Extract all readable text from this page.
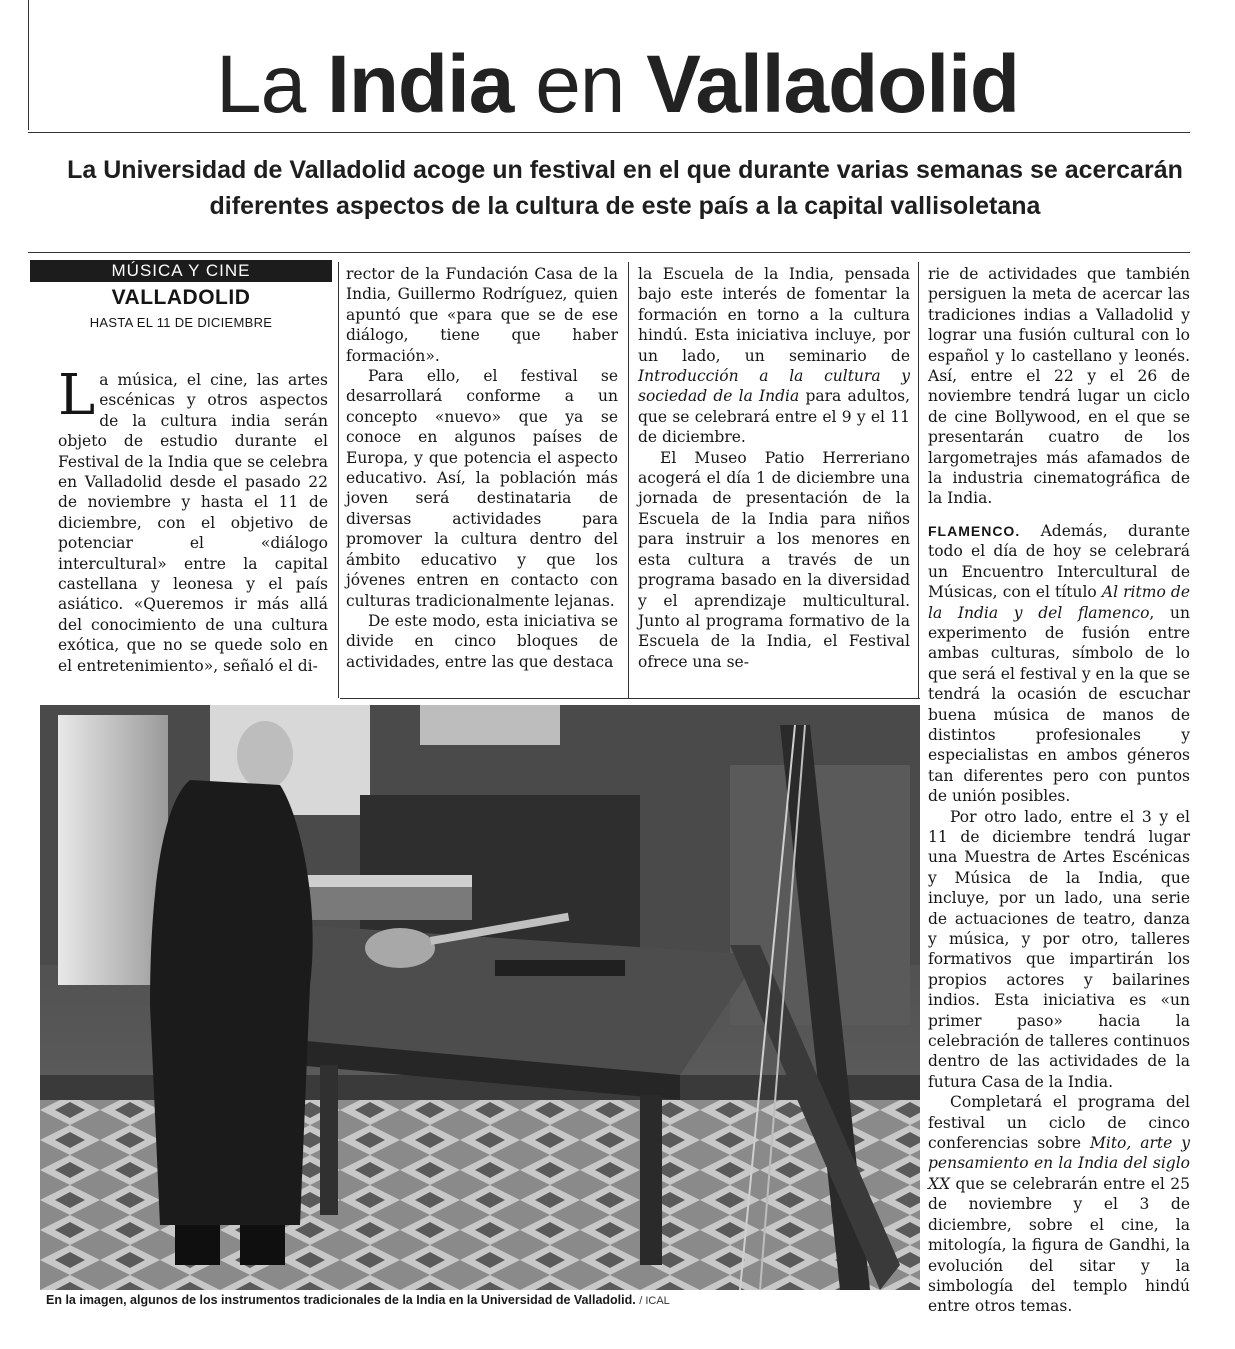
La India en Valladolid
La Universidad de Valladolid acoge un festival en el que durante varias semanas se acercarán diferentes aspectos de la cultura de este país a la capital vallisoletana
MÚSICA Y CINE
VALLADOLID
HASTA EL 11 DE DICIEMBRE

La música, el cine, las artes escénicas y otros aspectos de la cultura india serán objeto de estudio durante el Festival de la India que se celebra en Valladolid desde el pasado 22 de noviembre y hasta el 11 de diciembre, con el objetivo de potenciar el «diálogo intercultural» entre la capital castellana y leonesa y el país asiático. «Queremos ir más allá del conocimiento de una cultura exótica, que no se quede solo en el entretenimiento», señaló el di-

rector de la Fundación Casa de la India, Guillermo Rodríguez, quien apuntó que «para que se de ese diálogo, tiene que haber formación».

Para ello, el festival se desarrollará conforme a un concepto «nuevo» que ya se conoce en algunos países de Europa, y que potencia el aspecto educativo. Así, la población más joven será destinataria de diversas actividades para promover la cultura dentro del ámbito educativo y que los jóvenes entren en contacto con culturas tradicionalmente lejanas.

De este modo, esta iniciativa se divide en cinco bloques de actividades, entre las que destaca

la Escuela de la India, pensada bajo este interés de fomentar la formación en torno a la cultura hindú. Esta iniciativa incluye, por un lado, un seminario de Introducción a la cultura y sociedad de la India para adultos, que se celebrará entre el 9 y el 11 de diciembre.

El Museo Patio Herreriano acogerá el día 1 de diciembre una jornada de presentación de la Escuela de la India para niños para instruir a los menores en esta cultura a través de un programa basado en la diversidad y el aprendizaje multicultural. Junto al programa formativo de la Escuela de la India, el Festival ofrece una se-

rie de actividades que también persiguen la meta de acercar las tradiciones indias a Valladolid y lograr una fusión cultural con lo español y lo castellano y leonés. Así, entre el 22 y el 26 de noviembre tendrá lugar un ciclo de cine Bollywood, en el que se presentarán cuatro de los largometrajes más afamados de la industria cinematográfica de la India.

FLAMENCO. Además, durante todo el día de hoy se celebrará un Encuentro Intercultural de Músicas, con el título Al ritmo de la India y del flamenco, un experimento de fusión entre ambas culturas, símbolo de lo que será el festival y en la que se tendrá la ocasión de escuchar buena música de manos de distintos profesionales y especialistas en ambos géneros tan diferentes pero con puntos de unión posibles.

Por otro lado, entre el 3 y el 11 de diciembre tendrá lugar una Muestra de Artes Escénicas y Música de la India, que incluye, por un lado, una serie de actuaciones de teatro, danza y música, y por otro, talleres formativos que impartirán los propios actores y bailarines indios. Esta iniciativa es «un primer paso» hacia la celebración de talleres continuos dentro de las actividades de la futura Casa de la India.

Completará el programa del festival un ciclo de cinco conferencias sobre Mito, arte y pensamiento en la India del siglo XX que se celebrarán entre el 25 de noviembre y el 3 de diciembre, sobre el cine, la mitología, la figura de Gandhi, la evolución del sitar y la simbología del templo hindú entre otros temas.

En la imagen, algunos de los instrumentos tradicionales de la India en la Universidad de Valladolid. / ICAL
